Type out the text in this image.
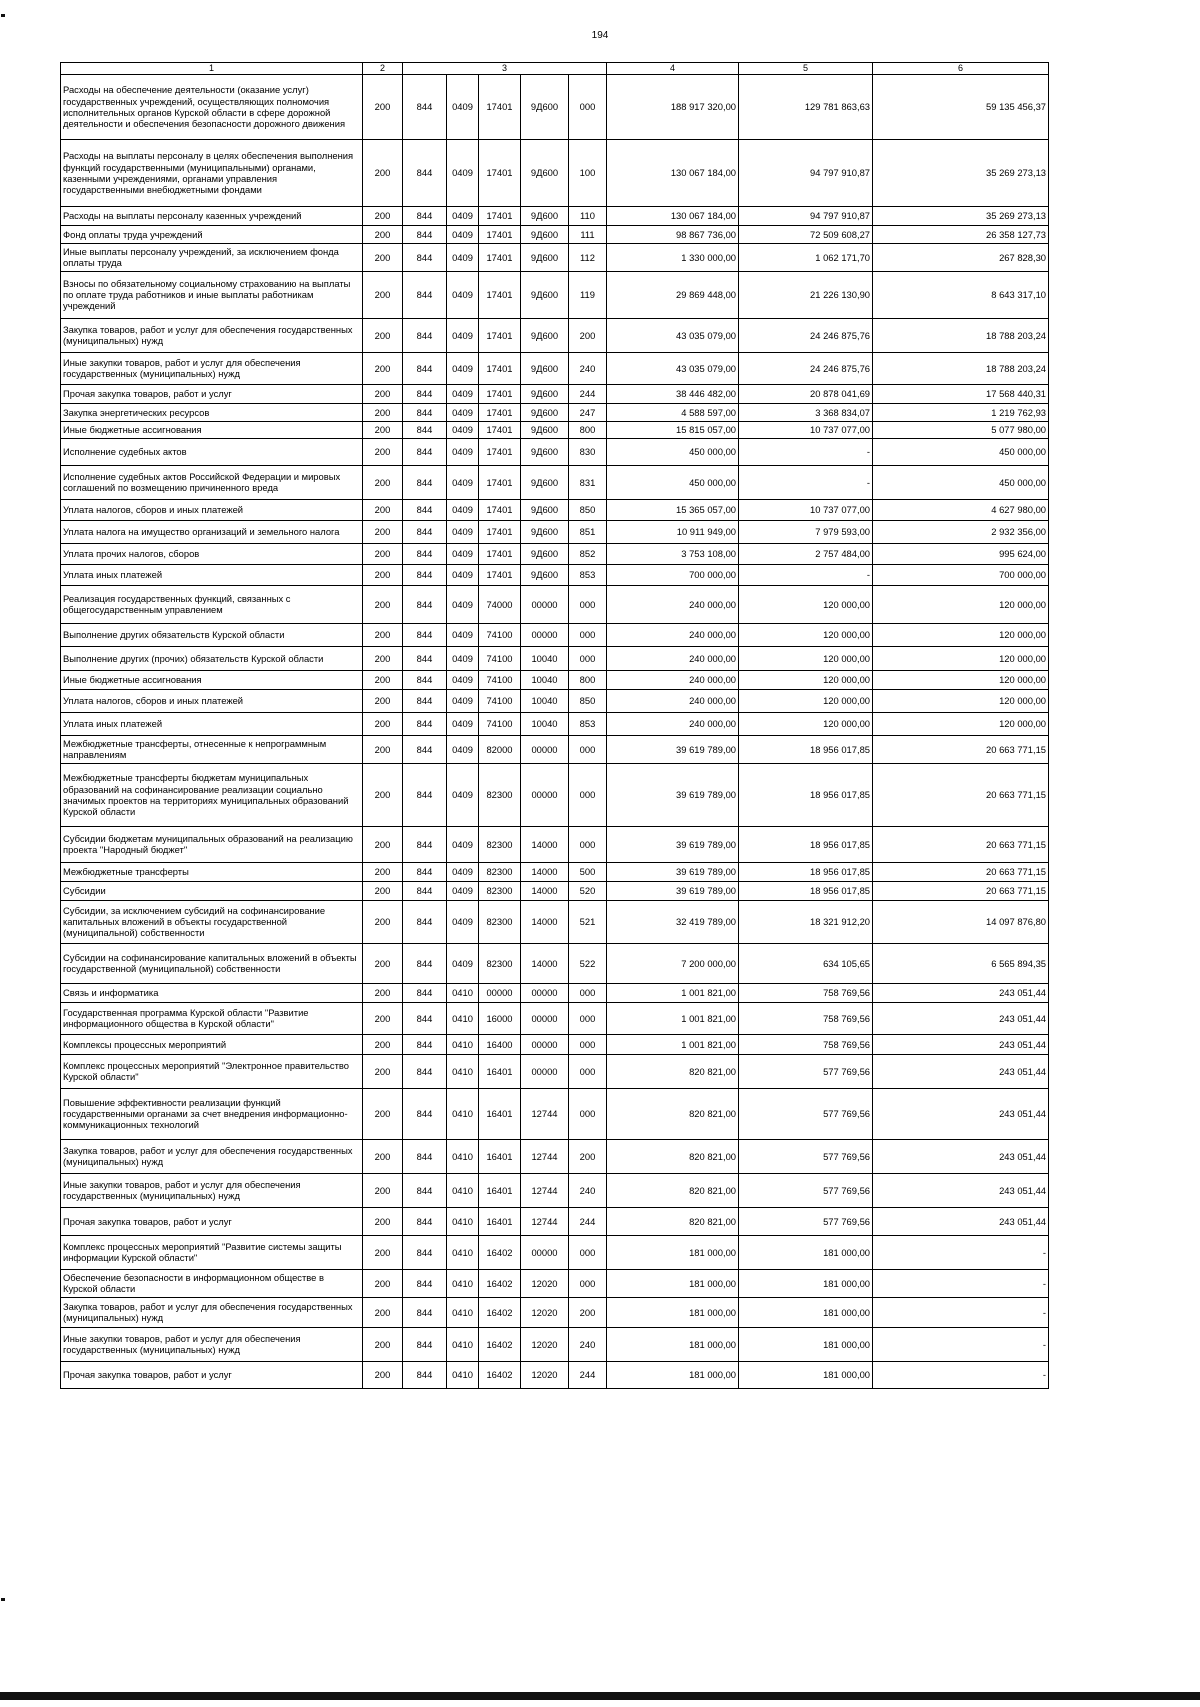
194
1	2	3					4	5	6
Расходы на обеспечение деятельности (оказание услуг) государственных учреждений, осуществляющих полномочия исполнительных органов Курской области в сфере дорожной деятельности и обеспечения безопасности дорожного движения	200	844	0409	17401	9Д600	000	188 917 320,00	129 781 863,63	59 135 456,37
Расходы на выплаты персоналу в целях обеспечения выполнения функций государственными (муниципальными) органами, казенными учреждениями, органами управления государственными внебюджетными фондами	200	844	0409	17401	9Д600	100	130 067 184,00	94 797 910,87	35 269 273,13
Расходы на выплаты персоналу казенных учреждений	200	844	0409	17401	9Д600	110	130 067 184,00	94 797 910,87	35 269 273,13
Фонд оплаты труда учреждений	200	844	0409	17401	9Д600	111	98 867 736,00	72 509 608,27	26 358 127,73
Иные выплаты персоналу учреждений, за исключением фонда оплаты труда	200	844	0409	17401	9Д600	112	1 330 000,00	1 062 171,70	267 828,30
Взносы по обязательному социальному страхованию на выплаты по оплате труда работников и иные выплаты работникам учреждений	200	844	0409	17401	9Д600	119	29 869 448,00	21 226 130,90	8 643 317,10
Закупка товаров, работ и услуг для обеспечения государственных (муниципальных) нужд	200	844	0409	17401	9Д600	200	43 035 079,00	24 246 875,76	18 788 203,24
Иные закупки товаров, работ и услуг для обеспечения государственных (муниципальных) нужд	200	844	0409	17401	9Д600	240	43 035 079,00	24 246 875,76	18 788 203,24
Прочая закупка товаров, работ и услуг	200	844	0409	17401	9Д600	244	38 446 482,00	20 878 041,69	17 568 440,31
Закупка энергетических ресурсов	200	844	0409	17401	9Д600	247	4 588 597,00	3 368 834,07	1 219 762,93
Иные бюджетные ассигнования	200	844	0409	17401	9Д600	800	15 815 057,00	10 737 077,00	5 077 980,00
Исполнение судебных актов	200	844	0409	17401	9Д600	830	450 000,00	-	450 000,00
Исполнение судебных актов Российской Федерации и мировых соглашений по возмещению причиненного вреда	200	844	0409	17401	9Д600	831	450 000,00	-	450 000,00
Уплата налогов, сборов и иных платежей	200	844	0409	17401	9Д600	850	15 365 057,00	10 737 077,00	4 627 980,00
Уплата налога на имущество организаций и земельного налога	200	844	0409	17401	9Д600	851	10 911 949,00	7 979 593,00	2 932 356,00
Уплата прочих налогов, сборов	200	844	0409	17401	9Д600	852	3 753 108,00	2 757 484,00	995 624,00
Уплата иных платежей	200	844	0409	17401	9Д600	853	700 000,00	-	700 000,00
Реализация государственных функций, связанных с общегосударственным управлением	200	844	0409	74000	00000	000	240 000,00	120 000,00	120 000,00
Выполнение других обязательств Курской области	200	844	0409	74100	00000	000	240 000,00	120 000,00	120 000,00
Выполнение других (прочих) обязательств Курской области	200	844	0409	74100	10040	000	240 000,00	120 000,00	120 000,00
Иные бюджетные ассигнования	200	844	0409	74100	10040	800	240 000,00	120 000,00	120 000,00
Уплата налогов, сборов и иных платежей	200	844	0409	74100	10040	850	240 000,00	120 000,00	120 000,00
Уплата иных платежей	200	844	0409	74100	10040	853	240 000,00	120 000,00	120 000,00
Межбюджетные трансферты, отнесенные к непрограммным направлениям	200	844	0409	82000	00000	000	39 619 789,00	18 956 017,85	20 663 771,15
Межбюджетные трансферты бюджетам муниципальных образований на софинансирование реализации социально значимых проектов на территориях муниципальных образований Курской области	200	844	0409	82300	00000	000	39 619 789,00	18 956 017,85	20 663 771,15
Субсидии бюджетам муниципальных образований на реализацию проекта "Народный бюджет"	200	844	0409	82300	14000	000	39 619 789,00	18 956 017,85	20 663 771,15
Межбюджетные трансферты	200	844	0409	82300	14000	500	39 619 789,00	18 956 017,85	20 663 771,15
Субсидии	200	844	0409	82300	14000	520	39 619 789,00	18 956 017,85	20 663 771,15
Субсидии, за исключением субсидий на софинансирование капитальных вложений в объекты государственной (муниципальной) собственности	200	844	0409	82300	14000	521	32 419 789,00	18 321 912,20	14 097 876,80
Субсидии на софинансирование капитальных вложений в объекты государственной (муниципальной) собственности	200	844	0409	82300	14000	522	7 200 000,00	634 105,65	6 565 894,35
Связь и информатика	200	844	0410	00000	00000	000	1 001 821,00	758 769,56	243 051,44
Государственная программа Курской области "Развитие информационного общества в Курской области"	200	844	0410	16000	00000	000	1 001 821,00	758 769,56	243 051,44
Комплексы процессных мероприятий	200	844	0410	16400	00000	000	1 001 821,00	758 769,56	243 051,44
Комплекс процессных мероприятий "Электронное правительство Курской области"	200	844	0410	16401	00000	000	820 821,00	577 769,56	243 051,44
Повышение эффективности реализации функций государственными органами за счет внедрения информационно-коммуникационных технологий	200	844	0410	16401	12744	000	820 821,00	577 769,56	243 051,44
Закупка товаров, работ и услуг для обеспечения государственных (муниципальных) нужд	200	844	0410	16401	12744	200	820 821,00	577 769,56	243 051,44
Иные закупки товаров, работ и услуг для обеспечения государственных (муниципальных) нужд	200	844	0410	16401	12744	240	820 821,00	577 769,56	243 051,44
Прочая закупка товаров, работ и услуг	200	844	0410	16401	12744	244	820 821,00	577 769,56	243 051,44
Комплекс процессных мероприятий "Развитие системы защиты информации Курской области"	200	844	0410	16402	00000	000	181 000,00	181 000,00	-
Обеспечение безопасности в информационном обществе в Курской области	200	844	0410	16402	12020	000	181 000,00	181 000,00	-
Закупка товаров, работ и услуг для обеспечения государственных (муниципальных) нужд	200	844	0410	16402	12020	200	181 000,00	181 000,00	-
Иные закупки товаров, работ и услуг для обеспечения государственных (муниципальных) нужд	200	844	0410	16402	12020	240	181 000,00	181 000,00	-
Прочая закупка товаров, работ и услуг	200	844	0410	16402	12020	244	181 000,00	181 000,00	-
